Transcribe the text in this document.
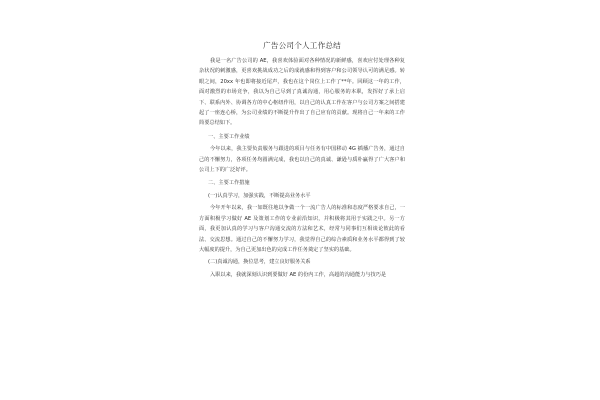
广告公司个人工作总结

我是一名广告公司的 AE，我喜欢体验面对各种情况的新鲜感，喜欢应付处理各种复杂状况的刺激感，更喜欢挑战成功之后的成就感和得到客户和公司领导认可的满足感。转眼之间，20xx 年也即将接近尾声，我也在这个岗位上工作了**年。回顾这一年的工作，面对激烈的市场竞争，我以为自己尽到了真诚沟通，用心服务的本职，发挥好了承上启下、联系内外、协调各方的中心枢纽作用，以自己的认真工作在客户与公司方案之间搭建起了一座连心桥，为公司业绩的不断提升作出了自己应有的贡献。现将自己一年来的工作简要总结如下。

一、主要工作业绩

今年以来，我主要负责服务与跟进的项目与任务有中国移动 4G 插播广告务，通过自己的不懈努力，各项任务均圆满完成，我也以自己的真诚、谦逊与质朴赢得了广大客户和公司上下的广泛好评。

二、主要工作措施
(一)认真学习，加强实践，不断提高业务水平

今年开年以来，我一如既往地以争做一个一流广告人的标准和态度严格要求自己，一方面积极学习做好 AE 及策划工作的专业前沿知识，并积极将其用于实践之中。另一方面，我更加认真的学习与客户沟通交流的方法和艺术，经常与同事们互相谈论彼此的看法、交流思想。通过自己的不懈努力学习，我觉得自己的综合素质和业务水平都得到了较大幅度的提升，为自己更加出色的完成工作任务奠定了坚实的基础。

(二)真诚沟通，换位思考，建立良好服务关系

入职以来，我就深刻认识到要做好 AE 的份内工作，高超的沟通能力与技巧是
